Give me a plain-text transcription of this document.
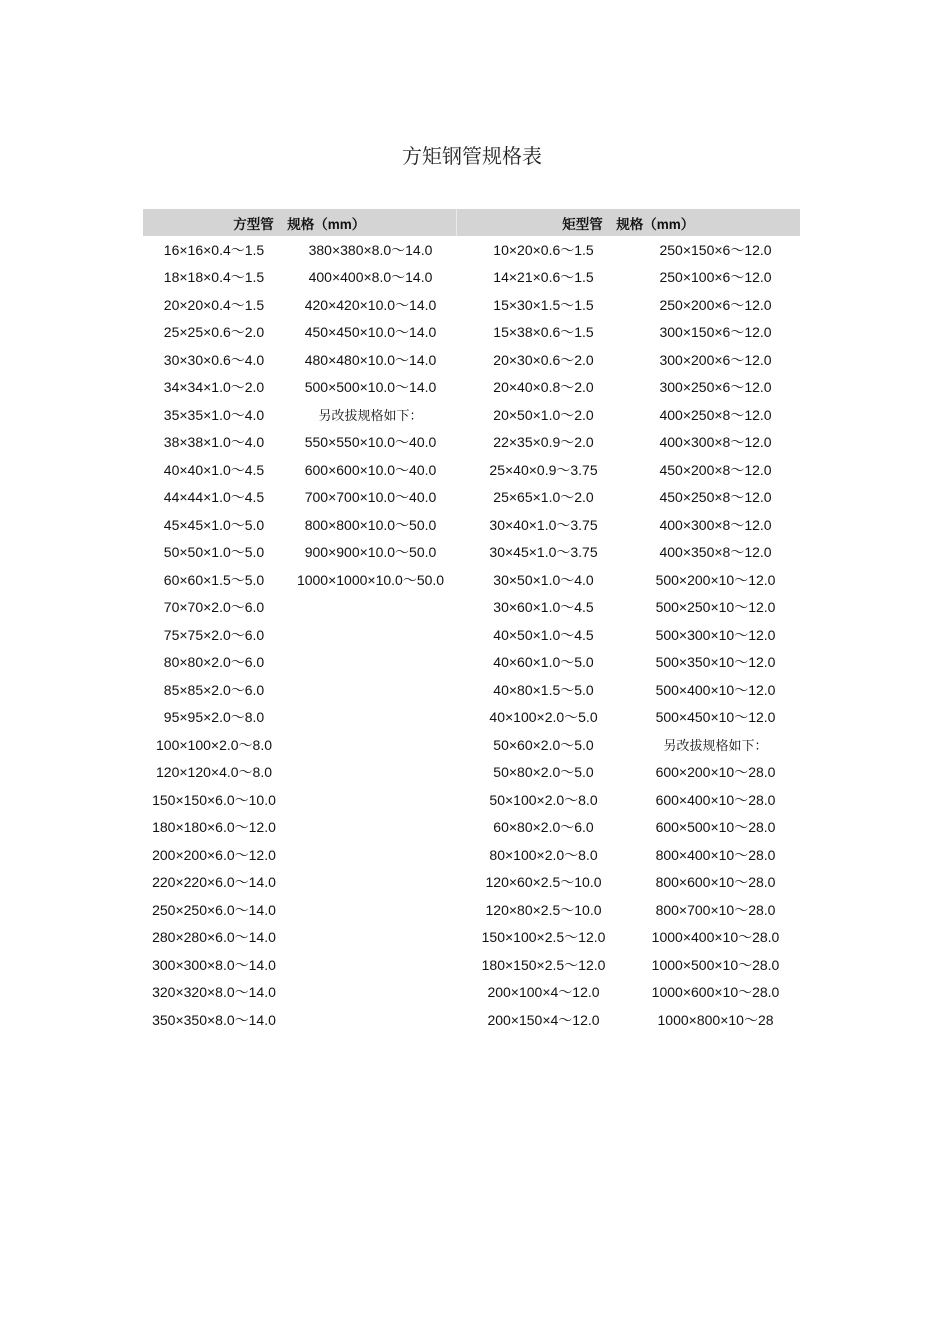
方矩钢管规格表
方型管　规格（mm）		矩型管　规格（mm）	
16×16×0.4～1.5	380×380×8.0～14.0	10×20×0.6～1.5	250×150×6～12.0
18×18×0.4～1.5	400×400×8.0～14.0	14×21×0.6～1.5	250×100×6～12.0
20×20×0.4～1.5	420×420×10.0～14.0	15×30×1.5～1.5	250×200×6～12.0
25×25×0.6～2.0	450×450×10.0～14.0	15×38×0.6～1.5	300×150×6～12.0
30×30×0.6～4.0	480×480×10.0～14.0	20×30×0.6～2.0	300×200×6～12.0
34×34×1.0～2.0	500×500×10.0～14.0	20×40×0.8～2.0	300×250×6～12.0
35×35×1.0～4.0	另改拔规格如下：	20×50×1.0～2.0	400×250×8～12.0
38×38×1.0～4.0	550×550×10.0～40.0	22×35×0.9～2.0	400×300×8～12.0
40×40×1.0～4.5	600×600×10.0～40.0	25×40×0.9～3.75	450×200×8～12.0
44×44×1.0～4.5	700×700×10.0～40.0	25×65×1.0～2.0	450×250×8～12.0
45×45×1.0～5.0	800×800×10.0～50.0	30×40×1.0～3.75	400×300×8～12.0
50×50×1.0～5.0	900×900×10.0～50.0	30×45×1.0～3.75	400×350×8～12.0
60×60×1.5～5.0	1000×1000×10.0～50.0	30×50×1.0～4.0	500×200×10～12.0
70×70×2.0～6.0		30×60×1.0～4.5	500×250×10～12.0
75×75×2.0～6.0		40×50×1.0～4.5	500×300×10～12.0
80×80×2.0～6.0		40×60×1.0～5.0	500×350×10～12.0
85×85×2.0～6.0		40×80×1.5～5.0	500×400×10～12.0
95×95×2.0～8.0		40×100×2.0～5.0	500×450×10～12.0
100×100×2.0～8.0		50×60×2.0～5.0	另改拔规格如下：
120×120×4.0～8.0		50×80×2.0～5.0	600×200×10～28.0
150×150×6.0～10.0		50×100×2.0～8.0	600×400×10～28.0
180×180×6.0～12.0		60×80×2.0～6.0	600×500×10～28.0
200×200×6.0～12.0		80×100×2.0～8.0	800×400×10～28.0
220×220×6.0～14.0		120×60×2.5～10.0	800×600×10～28.0
250×250×6.0～14.0		120×80×2.5～10.0	800×700×10～28.0
280×280×6.0～14.0		150×100×2.5～12.0	1000×400×10～28.0
300×300×8.0～14.0		180×150×2.5～12.0	1000×500×10～28.0
320×320×8.0～14.0		200×100×4～12.0	1000×600×10～28.0
350×350×8.0～14.0		200×150×4～12.0	1000×800×10～28
